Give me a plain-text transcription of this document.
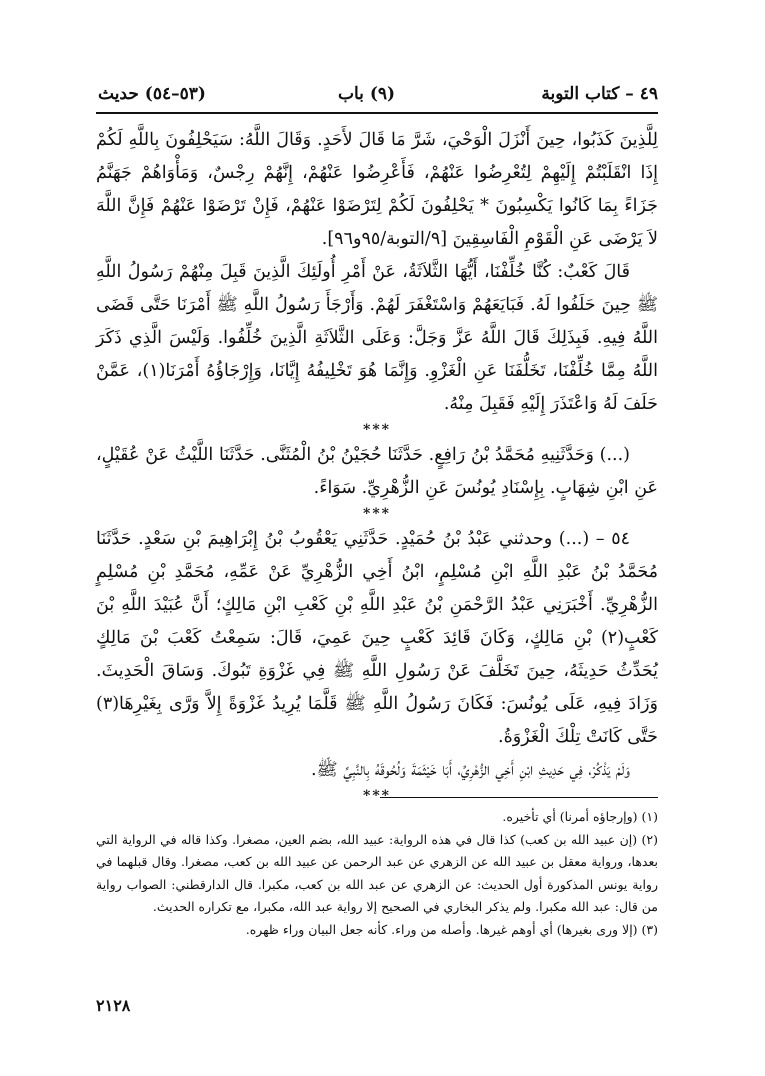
٤٩ – كتاب التوبة
(٩) باب
(٥٣–٥٤) حديث

لِلَّذِينَ كَذَبُوا، حِينَ أَنْزَلَ الْوَحْيَ، شَرَّ مَا قَالَ لأَحَدٍ. وَقَالَ اللَّهُ: سَيَحْلِفُونَ بِاللَّهِ لَكُمْ إِذَا انْقَلَبْتُمْ إِلَيْهِمْ لِتُعْرِضُوا عَنْهُمْ، فَأَعْرِضُوا عَنْهُمْ، إِنَّهُمْ رِجْسٌ، وَمَأْوَاهُمْ جَهَنَّمُ جَزَاءً بِمَا كَانُوا يَكْسِبُونَ * يَحْلِفُونَ لَكُمْ لِتَرْضَوْا عَنْهُمْ، فَإِنْ تَرْضَوْا عَنْهُمْ فَإِنَّ اللَّهَ لاَ يَرْضَى عَنِ الْقَوْمِ الْفَاسِقِينَ [٩/التوبة/٩٥و٩٦].

قَالَ كَعْبٌ: كُنَّا خُلِّفْنَا، أَيُّهَا الثَّلاَثَةُ، عَنْ أَمْرِ أُولَئِكَ الَّذِينَ قَبِلَ مِنْهُمْ رَسُولُ اللَّهِ ﷺ حِينَ حَلَفُوا لَهُ. فَبَايَعَهُمْ وَاسْتَغْفَرَ لَهُمْ. وَأَرْجَأَ رَسُولُ اللَّهِ ﷺ أَمْرَنَا حَتَّى قَضَى اللَّهُ فِيهِ. فَبِذَلِكَ قَالَ اللَّهُ عَزَّ وَجَلَّ: وَعَلَى الثَّلاَثَةِ الَّذِينَ خُلِّفُوا. وَلَيْسَ الَّذِي ذَكَرَ اللَّهُ مِمَّا خُلِّفْنَا، تَخَلُّفَنَا عَنِ الْغَزْوِ. وَإِنَّمَا هُوَ تَخْلِيفُهُ إِيَّانَا، وَإِرْجَاؤُهُ أَمْرَنَا(١)، عَمَّنْ حَلَفَ لَهُ وَاعْتَذَرَ إِلَيْهِ فَقَبِلَ مِنْهُ.

***

(...) وَحَدَّثَنِيهِ مُحَمَّدُ بْنُ رَافِعٍ. حَدَّثَنَا حُجَيْنُ بْنُ الْمُثَنَّى. حَدَّثَنَا اللَّيْثُ عَنْ عُقَيْلٍ، عَنِ ابْنِ شِهَابٍ. بِإِسْنَادِ يُونُسَ عَنِ الزُّهْرِيِّ. سَوَاءً.

***

٥٤ – (...) وحدثني عَبْدُ بْنُ حُمَيْدٍ. حَدَّثَنِي يَعْقُوبُ بْنُ إِبْرَاهِيمَ بْنِ سَعْدٍ. حَدَّثَنَا مُحَمَّدُ بْنُ عَبْدِ اللَّهِ ابْنِ مُسْلِمٍ، ابْنُ أَخِي الزُّهْرِيِّ عَنْ عَمِّهِ، مُحَمَّدِ بْنِ مُسْلِمٍ الزُّهْرِيِّ. أَخْبَرَنِي عَبْدُ الرَّحْمَنِ بْنُ عَبْدِ اللَّهِ بْنِ كَعْبِ ابْنِ مَالِكٍ؛ أَنَّ عُبَيْدَ اللَّهِ بْنَ كَعْبٍ(٢) بْنِ مَالِكٍ، وَكَانَ قَائِدَ كَعْبٍ حِينَ عَمِيَ، قَالَ: سَمِعْتُ كَعْبَ بْنَ مَالِكٍ يُحَدِّثُ حَدِيثَهُ، حِينَ تَخَلَّفَ عَنْ رَسُولِ اللَّهِ ﷺ فِي غَزْوَةِ تَبُوكَ. وَسَاقَ الْحَدِيثَ. وَزَادَ فِيهِ، عَلَى يُونُسَ: فَكَانَ رَسُولُ اللَّهِ ﷺ قَلَّمَا يُرِيدُ غَزْوَةً إِلاَّ وَرَّى بِغَيْرِهَا(٣) حَتَّى كَانَتْ تِلْكَ الْغَزْوَةُ.

وَلَمْ يَذْكُرْ، فِي حَدِيثِ ابْنِ أَخِي الزُّهْرِيِّ، أَبَا خَيْثَمَةَ وَلُحُوقَهُ بِالنَّبِيِّ ﷺ.

***

(١) (وإرجاؤه أمرنا) أي تأخيره.

(٢) (إن عبيد الله بن كعب) كذا قال في هذه الرواية: عبيد الله، بضم العين، مصغرا. وكذا قاله في الرواية التي بعدها، ورواية معقل بن عبيد الله عن الزهري عن عبد الرحمن عن عبيد الله بن كعب، مصغرا. وقال قبلهما في رواية يونس المذكورة أول الحديث: عن الزهري عن عبد الله بن كعب، مكبرا. قال الدارقطني: الصواب رواية من قال: عبد الله مكبرا. ولم يذكر البخاري في الصحيح إلا رواية عبد الله، مكبرا، مع تكراره الحديث.

(٣) (إلا ورى بغيرها) أي أوهم غيرها. وأصله من وراء. كأنه جعل البيان وراء ظهره.

٢١٢٨
